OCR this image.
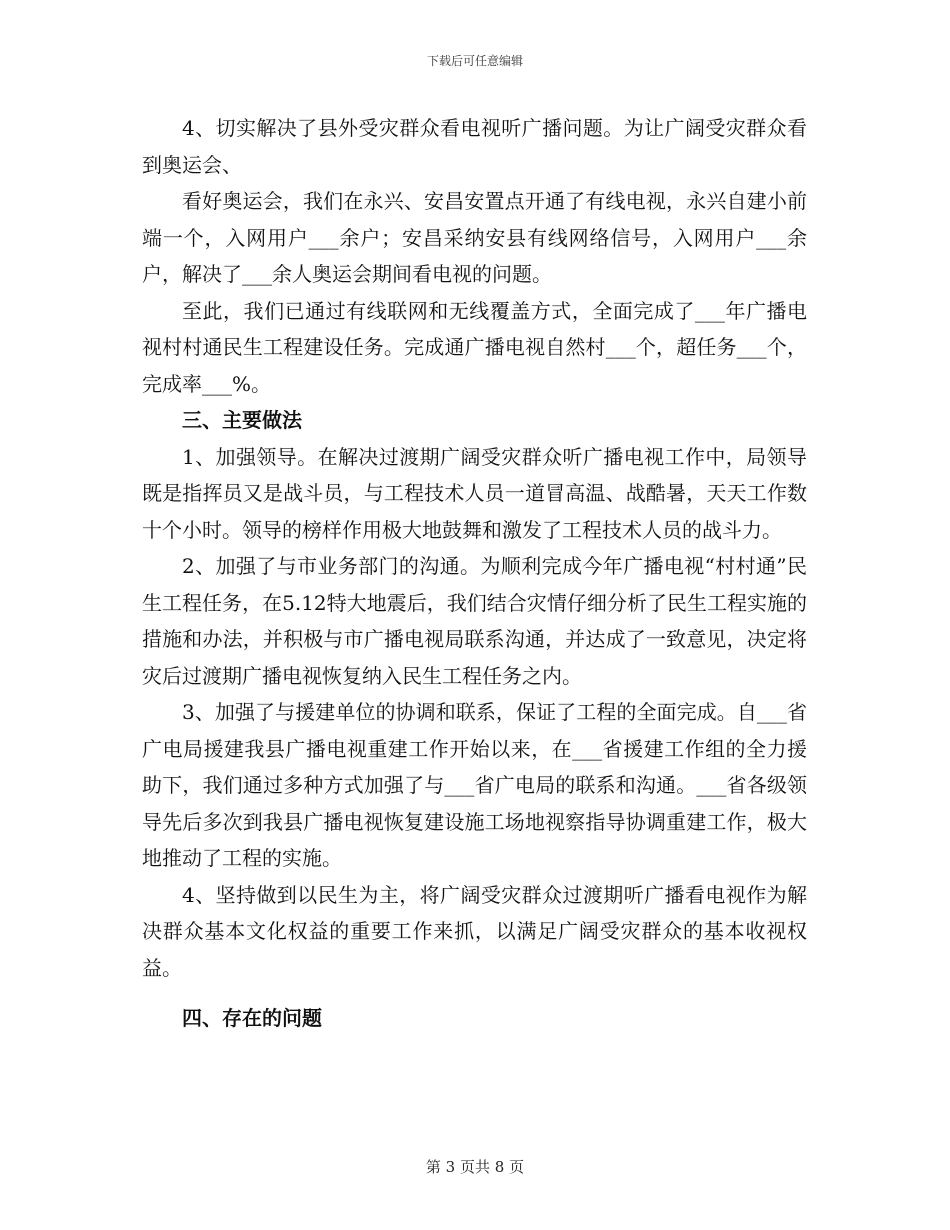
下载后可任意编辑

4、切实解决了县外受灾群众看电视听广播问题。为让广阔受灾群众看到奥运会、

看好奥运会，我们在永兴、安昌安置点开通了有线电视，永兴自建小前端一个，入网用户___余户；安昌采纳安县有线网络信号，入网用户___余户，解决了___余人奥运会期间看电视的问题。

至此，我们已通过有线联网和无线覆盖方式，全面完成了___年广播电视村村通民生工程建设任务。完成通广播电视自然村___个，超任务___个，完成率___%。

三、主要做法

1、加强领导。在解决过渡期广阔受灾群众听广播电视工作中，局领导既是指挥员又是战斗员，与工程技术人员一道冒高温、战酷暑，天天工作数十个小时。领导的榜样作用极大地鼓舞和激发了工程技术人员的战斗力。

2、加强了与市业务部门的沟通。为顺利完成今年广播电视“村村通”民生工程任务，在5.12特大地震后，我们结合灾情仔细分析了民生工程实施的措施和办法，并积极与市广播电视局联系沟通，并达成了一致意见，决定将灾后过渡期广播电视恢复纳入民生工程任务之内。

3、加强了与援建单位的协调和联系，保证了工程的全面完成。自___省广电局援建我县广播电视重建工作开始以来，在___省援建工作组的全力援助下，我们通过多种方式加强了与___省广电局的联系和沟通。___省各级领导先后多次到我县广播电视恢复建设施工场地视察指导协调重建工作，极大地推动了工程的实施。

4、坚持做到以民生为主，将广阔受灾群众过渡期听广播看电视作为解决群众基本文化权益的重要工作来抓，以满足广阔受灾群众的基本收视权益。

四、存在的问题

第 3 页共 8 页
